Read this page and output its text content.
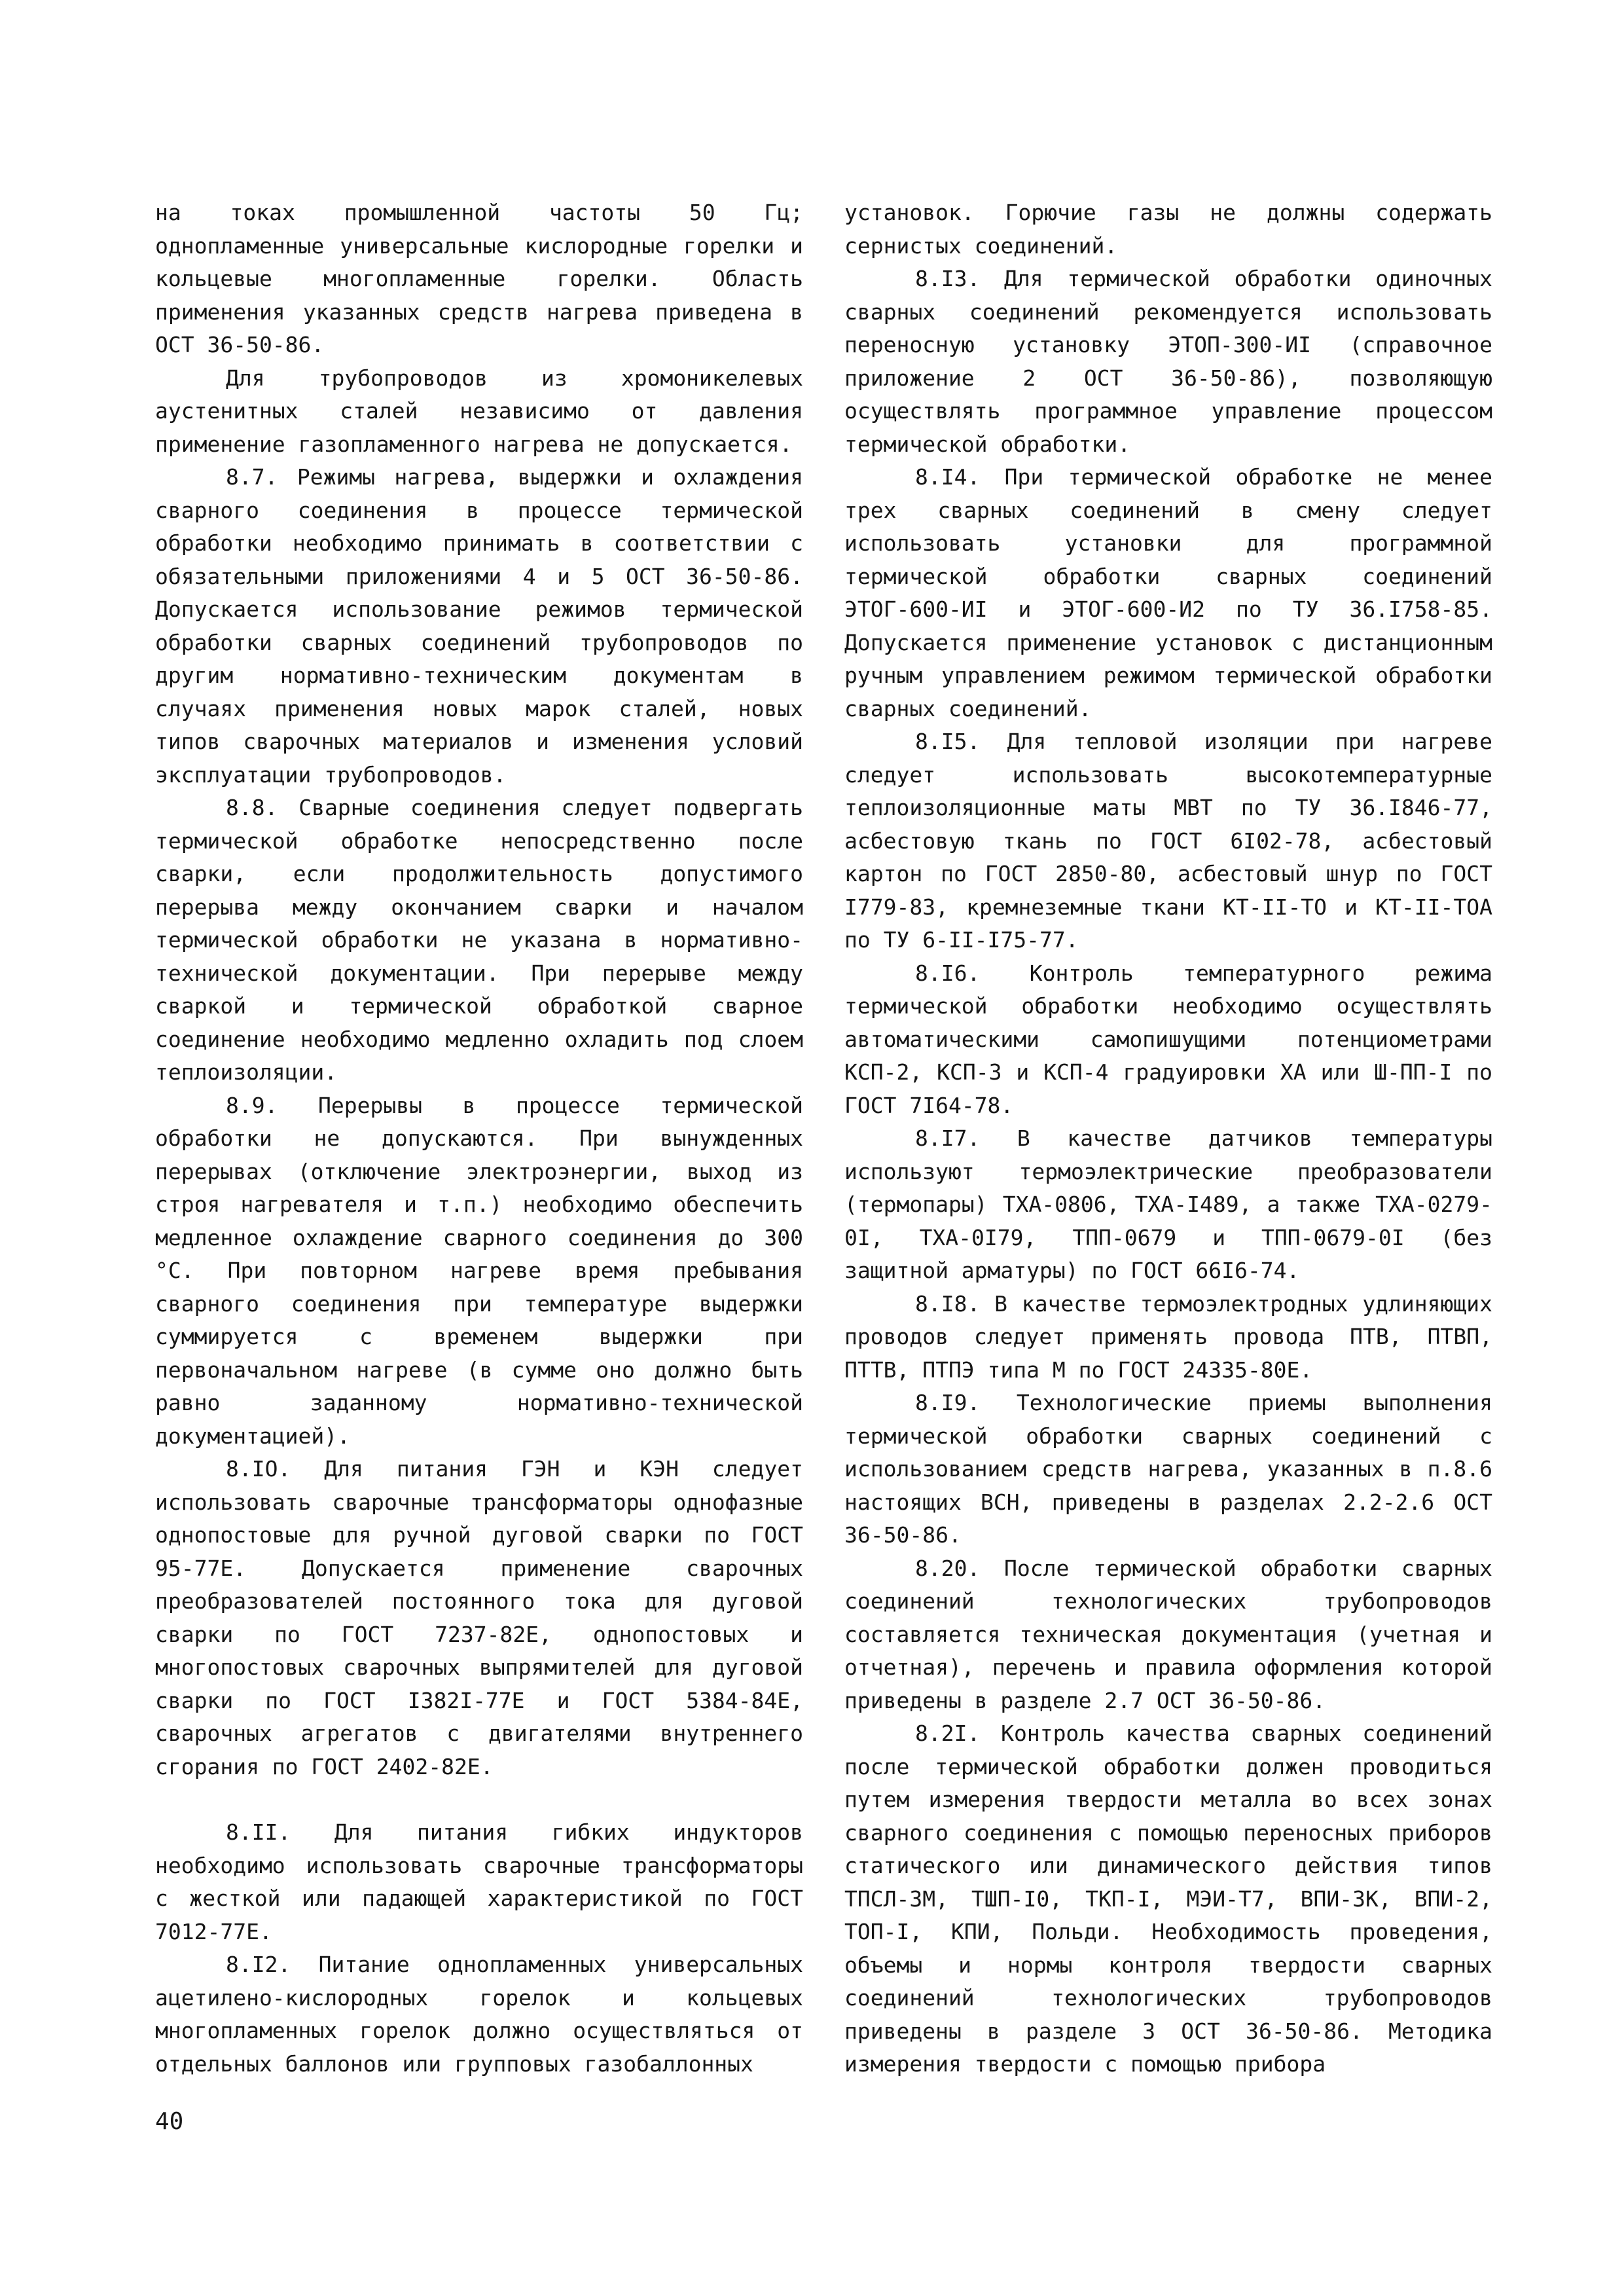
на токах промышленной частоты 50 Гц; однопламенные универсальные кислородные горелки и кольцевые многопламенные горелки. Область применения указанных средств нагрева приведена в ОСТ 36-50-86.

Для трубопроводов из хромоникелевых аустенитных сталей независимо от давления применение газопламенного нагрева не допускается.

8.7. Режимы нагрева, выдержки и охлаждения сварного соединения в процессе термической обработки необходимо принимать в соответствии с обязательными приложениями 4 и 5 ОСТ 36-50-86. Допускается использование режимов термической обработки сварных соединений трубопроводов по другим нормативно-техническим документам в случаях применения новых марок сталей, новых типов сварочных материалов и изменения условий эксплуатации трубопроводов.

8.8. Сварные соединения следует подвергать термической обработке непосредственно после сварки, если продолжительность допустимого перерыва между окончанием сварки и началом термической обработки не указана в нормативно-технической документации. При перерыве между сваркой и термической обработкой сварное соединение необходимо медленно охладить под слоем теплоизоляции.

8.9. Перерывы в процессе термической обработки не допускаются. При вынужденных перерывах (отключение электроэнергии, выход из строя нагревателя и т.п.) необходимо обеспечить медленное охлаждение сварного соединения до 300 °С. При повторном нагреве время пребывания сварного соединения при температуре выдержки суммируется с временем выдержки при первоначальном нагреве (в сумме оно должно быть равно заданному нормативно-технической документацией).

8.IO. Для питания ГЭН и КЭН следует использовать сварочные трансформаторы однофазные однопостовые для ручной дуговой сварки по ГОСТ 95-77Е. Допускается применение сварочных преобразователей постоянного тока для дуговой сварки по ГОСТ 7237-82Е, однопостовых и многопостовых сварочных выпрямителей для дуговой сварки по ГОСТ I382I-77Е и ГОСТ 5384-84Е, сварочных агрегатов с двигателями внутреннего сгорания по ГОСТ 2402-82Е.

8.II. Для питания гибких индукторов необходимо использовать сварочные трансформаторы с жесткой или падающей характеристикой по ГОСТ 7012-77Е.

8.I2. Питание однопламенных универсальных ацетилено-кислородных горелок и кольцевых многопламенных горелок должно осуществляться от отдельных баллонов или групповых газобаллонных

установок. Горючие газы не должны содержать сернистых соединений.

8.I3. Для термической обработки одиночных сварных соединений рекомендуется использовать переносную установку ЭТОП-300-ИI (справочное приложение 2 ОСТ 36-50-86), позволяющую осуществлять программное управление процессом термической обработки.

8.I4. При термической обработке не менее трех сварных соединений в смену следует использовать установки для программной термической обработки сварных соединений ЭТОГ-600-ИI и ЭТОГ-600-И2 по ТУ 36.I758-85. Допускается применение установок с дистанционным ручным управлением режимом термической обработки сварных соединений.

8.I5. Для тепловой изоляции при нагреве следует использовать высокотемпературные теплоизоляционные маты МВТ по ТУ 36.I846-77, асбестовую ткань по ГОСТ 6I02-78, асбестовый картон по ГОСТ 2850-80, асбестовый шнур по ГОСТ I779-83, кремнеземные ткани КТ-II-ТО и КТ-II-ТОА по ТУ 6-II-I75-77.

8.I6. Контроль температурного режима термической обработки необходимо осуществлять автоматическими самопишущими потенциометрами КСП-2, КСП-3 и КСП-4 градуировки ХА или Ш-ПП-I по ГОСТ 7I64-78.

8.I7. В качестве датчиков температуры используют термоэлектрические преобразователи (термопары) ТХА-0806, ТХА-I489, а также ТХА-0279-0I, ТХА-0I79, ТПП-0679 и ТПП-0679-0I (без защитной арматуры) по ГОСТ 66I6-74.

8.I8. В качестве термоэлектродных удлиняющих проводов следует применять провода ПТВ, ПТВП, ПТТВ, ПТПЭ типа М по ГОСТ 24335-80Е.

8.I9. Технологические приемы выполнения термической обработки сварных соединений с использованием средств нагрева, указанных в п.8.6 настоящих ВСН, приведены в разделах 2.2-2.6 ОСТ 36-50-86.

8.20. После термической обработки сварных соединений технологических трубопроводов составляется техническая документация (учетная и отчетная), перечень и правила оформления которой приведены в разделе 2.7 ОСТ 36-50-86.

8.2I. Контроль качества сварных соединений после термической обработки должен проводиться путем измерения твердости металла во всех зонах сварного соединения с помощью переносных приборов статического или динамического действия типов ТПСЛ-3М, ТШП-I0, ТКП-I, МЭИ-Т7, ВПИ-3К, ВПИ-2, ТОП-I, КПИ, Польди. Необходимость проведения, объемы и нормы контроля твердости сварных соединений технологических трубопроводов приведены в разделе 3 ОСТ 36-50-86. Методика измерения твердости с помощью прибора

40
